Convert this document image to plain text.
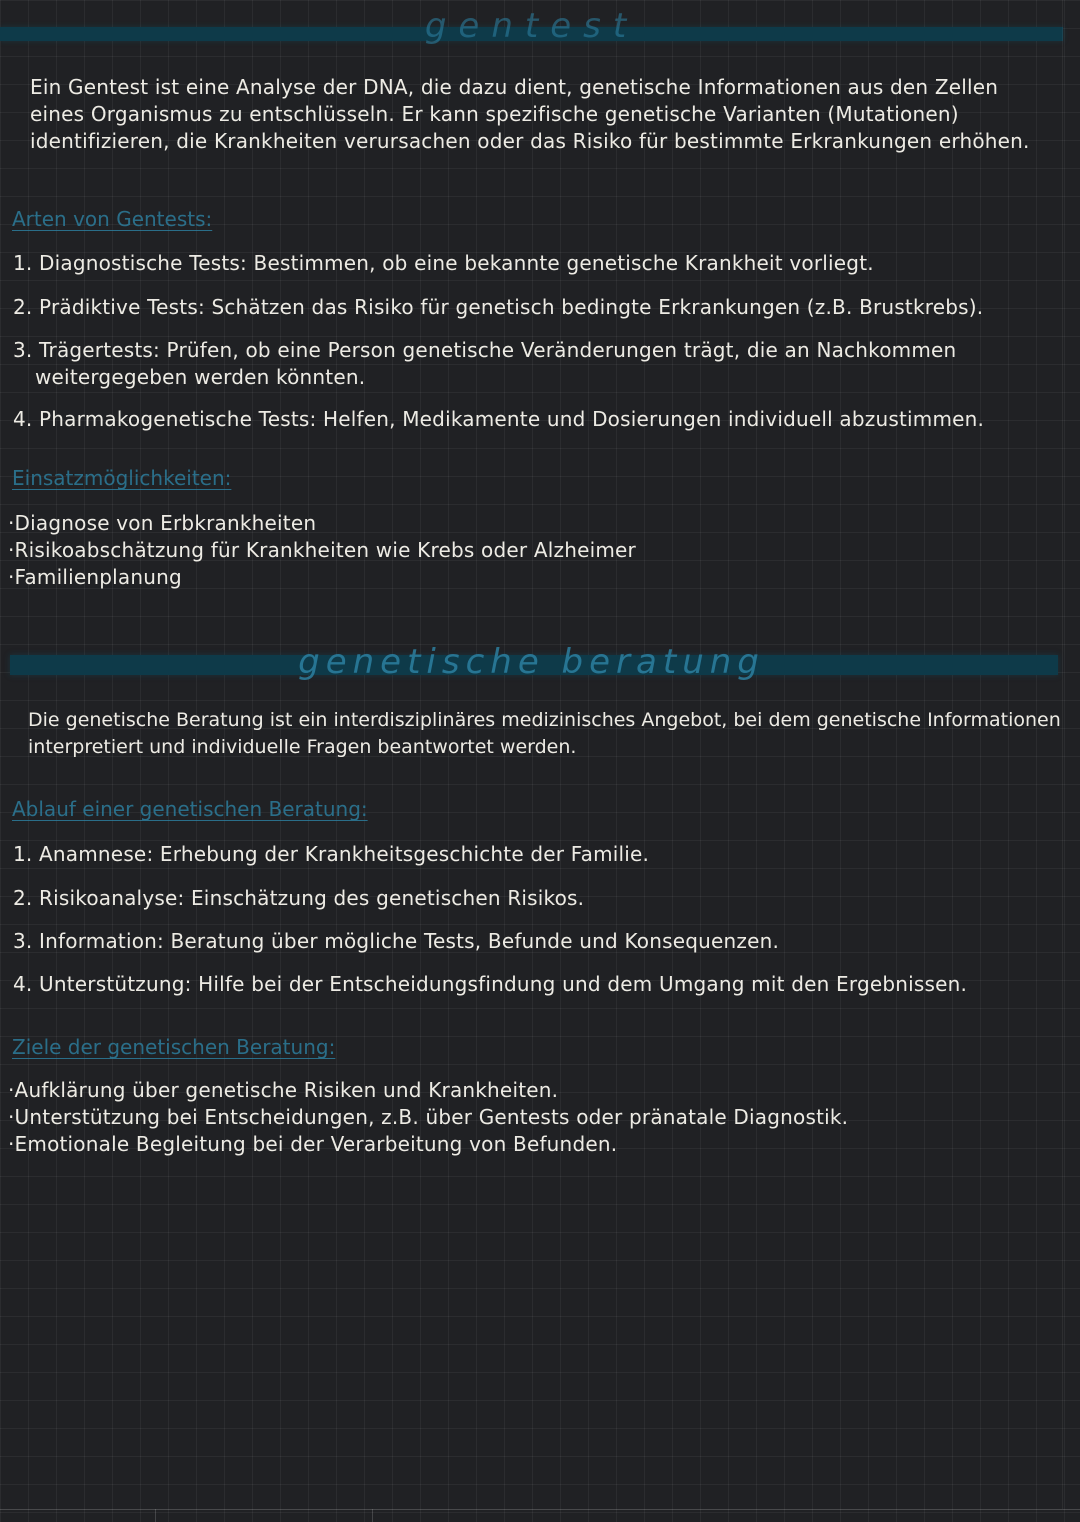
gentest

Ein Gentest ist eine Analyse der DNA, die dazu dient, genetische Informationen aus den Zellen eines Organismus zu entschlüsseln. Er kann spezifische genetische Varianten (Mutationen) identifizieren, die Krankheiten verursachen oder das Risiko für bestimmte Erkrankungen erhöhen.

Arten von Gentests:
1. Diagnostische Tests: Bestimmen, ob eine bekannte genetische Krankheit vorliegt.
2. Prädiktive Tests: Schätzen das Risiko für genetisch bedingte Erkrankungen (z.B. Brustkrebs).
3. Trägertests: Prüfen, ob eine Person genetische Veränderungen trägt, die an Nachkommen weitergegeben werden könnten.
4. Pharmakogenetische Tests: Helfen, Medikamente und Dosierungen individuell abzustimmen.
Einsatzmöglichkeiten:
·Diagnose von Erbkrankheiten
·Risikoabschätzung für Krankheiten wie Krebs oder Alzheimer
·Familienplanung
genetische beratung

Die genetische Beratung ist ein interdisziplinäres medizinisches Angebot, bei dem genetische Informationen interpretiert und individuelle Fragen beantwortet werden.

Ablauf einer genetischen Beratung:
1. Anamnese: Erhebung der Krankheitsgeschichte der Familie.
2. Risikoanalyse: Einschätzung des genetischen Risikos.
3. Information: Beratung über mögliche Tests, Befunde und Konsequenzen.
4. Unterstützung: Hilfe bei der Entscheidungsfindung und dem Umgang mit den Ergebnissen.
Ziele der genetischen Beratung:
·Aufklärung über genetische Risiken und Krankheiten.
·Unterstützung bei Entscheidungen, z.B. über Gentests oder pränatale Diagnostik.
·Emotionale Begleitung bei der Verarbeitung von Befunden.
